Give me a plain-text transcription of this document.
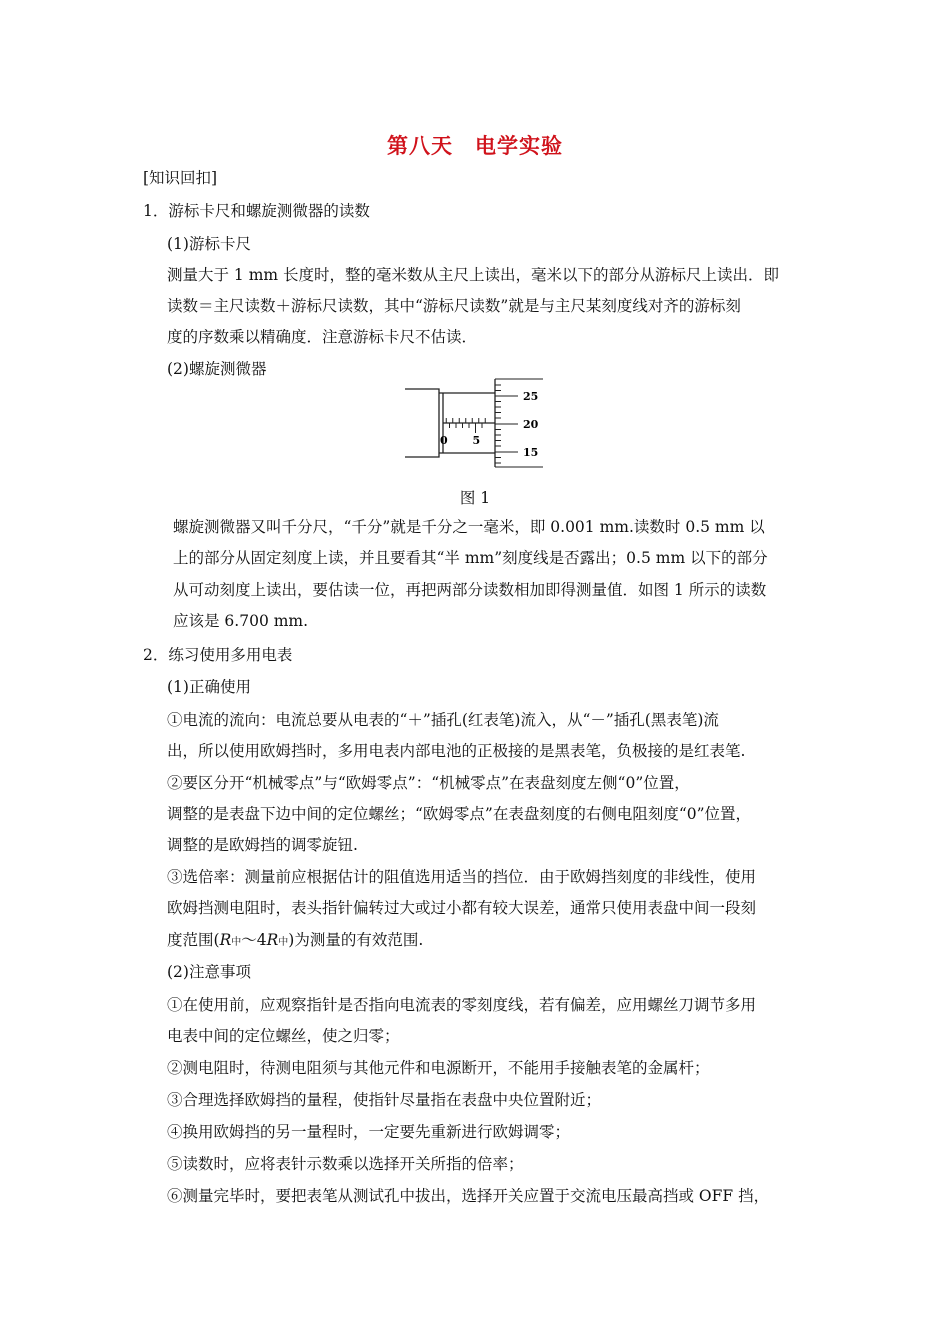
第八天　电学实验
[知识回扣]
1．游标卡尺和螺旋测微器的读数
(1)游标卡尺
测量大于 1 mm 长度时，整的毫米数从主尺上读出，毫米以下的部分从游标尺上读出．即
读数＝主尺读数＋游标尺读数，其中“游标尺读数”就是与主尺某刻度线对齐的游标刻
度的序数乘以精确度．注意游标卡尺不估读．
(2)螺旋测微器
0 5
25
20
15
图 1
螺旋测微器又叫千分尺，“千分”就是千分之一毫米，即 0.001 mm.读数时 0.5 mm 以
上的部分从固定刻度上读，并且要看其“半 mm”刻度线是否露出；0.5 mm 以下的部分
从可动刻度上读出，要估读一位，再把两部分读数相加即得测量值．如图 1 所示的读数
应该是 6.700 mm.
2．练习使用多用电表
(1)正确使用
①电流的流向：电流总要从电表的“＋”插孔(红表笔)流入，从“－”插孔(黑表笔)流
出，所以使用欧姆挡时，多用电表内部电池的正极接的是黑表笔，负极接的是红表笔.
②要区分开“机械零点”与“欧姆零点”：“机械零点”在表盘刻度左侧“0”位置，
调整的是表盘下边中间的定位螺丝；“欧姆零点”在表盘刻度的右侧电阻刻度“0”位置，
调整的是欧姆挡的调零旋钮.
③选倍率：测量前应根据估计的阻值选用适当的挡位．由于欧姆挡刻度的非线性，使用
欧姆挡测电阻时，表头指针偏转过大或过小都有较大误差，通常只使用表盘中间一段刻
度范围(R中～4R中)为测量的有效范围.
(2)注意事项
①在使用前，应观察指针是否指向电流表的零刻度线，若有偏差，应用螺丝刀调节多用
电表中间的定位螺丝，使之归零；
②测电阻时，待测电阻须与其他元件和电源断开，不能用手接触表笔的金属杆；
③合理选择欧姆挡的量程，使指针尽量指在表盘中央位置附近；
④换用欧姆挡的另一量程时，一定要先重新进行欧姆调零；
⑤读数时，应将表针示数乘以选择开关所指的倍率；
⑥测量完毕时，要把表笔从测试孔中拔出，选择开关应置于交流电压最高挡或 OFF 挡，
